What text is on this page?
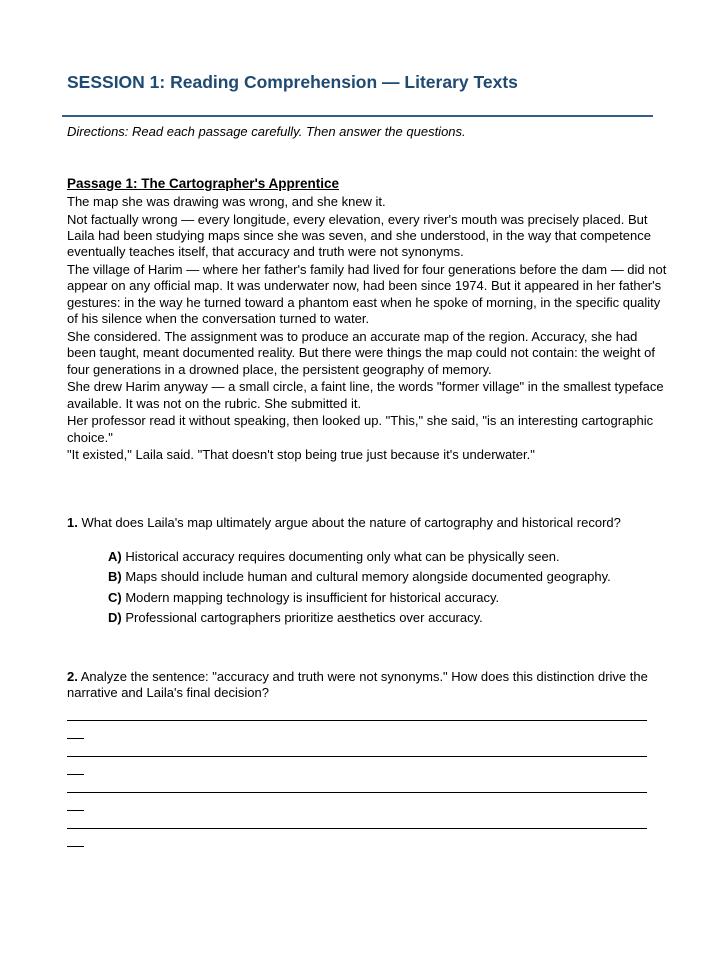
SESSION 1: Reading Comprehension — Literary Texts
Directions: Read each passage carefully. Then answer the questions.
Passage 1: The Cartographer's Apprentice

The map she was drawing was wrong, and she knew it.

Not factually wrong — every longitude, every elevation, every river's mouth was precisely placed. But Laila had been studying maps since she was seven, and she understood, in the way that competence eventually teaches itself, that accuracy and truth were not synonyms.

The village of Harim — where her father's family had lived for four generations before the dam — did not appear on any official map. It was underwater now, had been since 1974. But it appeared in her father's gestures: in the way he turned toward a phantom east when he spoke of morning, in the specific quality of his silence when the conversation turned to water.

She considered. The assignment was to produce an accurate map of the region. Accuracy, she had been taught, meant documented reality. But there were things the map could not contain: the weight of four generations in a drowned place, the persistent geography of memory.

She drew Harim anyway — a small circle, a faint line, the words "former village" in the smallest typeface available. It was not on the rubric. She submitted it.

Her professor read it without speaking, then looked up. "This," she said, "is an interesting cartographic choice."

"It existed," Laila said. "That doesn't stop being true just because it's underwater."

1. What does Laila's map ultimately argue about the nature of cartography and historical record?
A) Historical accuracy requires documenting only what can be physically seen.
B) Maps should include human and cultural memory alongside documented geography.
C) Modern mapping technology is insufficient for historical accuracy.
D) Professional cartographers prioritize aesthetics over accuracy.
2. Analyze the sentence: "accuracy and truth were not synonyms." How does this distinction drive the narrative and Laila's final decision?
